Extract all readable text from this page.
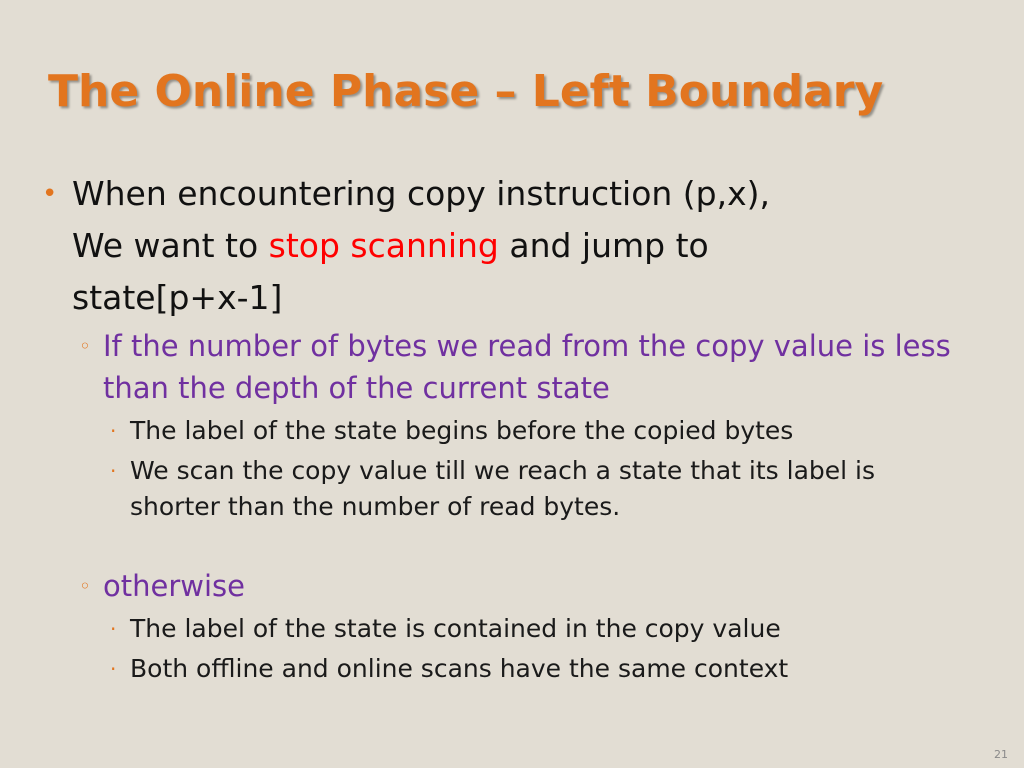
The Online Phase – Left Boundary
• When encountering copy instruction (p,x),
We want to stop scanning and jump to
state[p+x-1]
◦ If the number of bytes we read from the copy value is less than the depth of the current state
· The label of the state begins before the copied bytes
· We scan the copy value till we reach a state that its label is shorter than the number of read bytes.
◦ otherwise
· The label of the state is contained in the copy value
· Both offline and online scans have the same context
21
